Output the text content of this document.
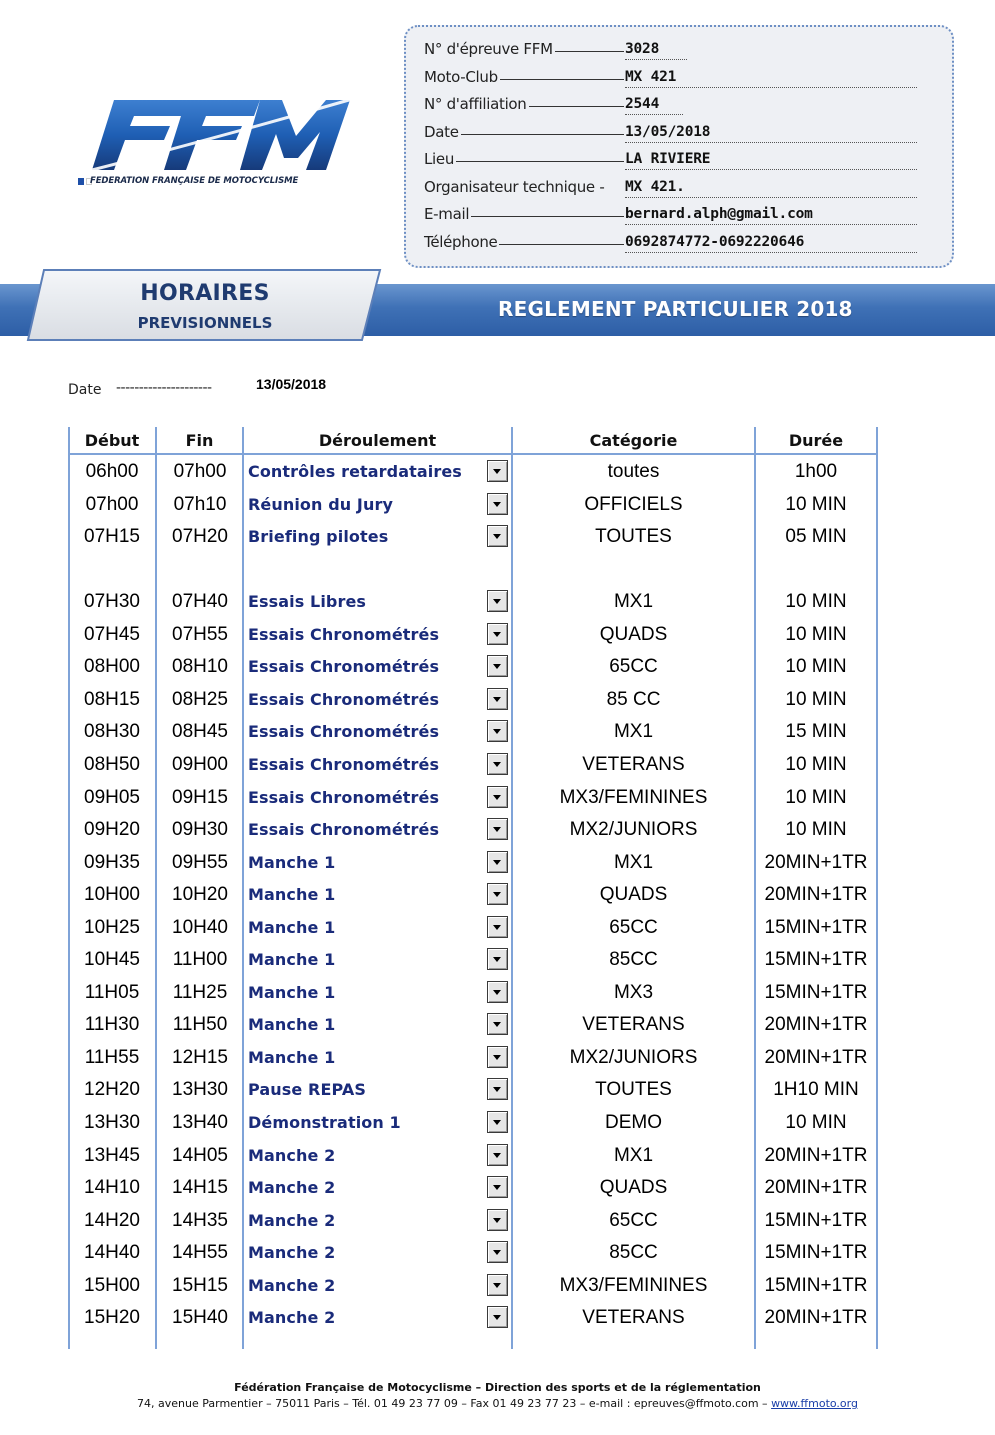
FEDERATION FRANÇAISE DE MOTOCYCLISME
N° d'épreuve FFM	3028
Moto-Club	MX 421
N° d'affiliation	2544
Date	13/05/2018
Lieu	LA RIVIERE
Organisateur technique - MX 421.
E-mail	bernard.alph@gmail.com
Téléphone	0692874772-0692220646
HORAIRES
PREVISIONNELS
REGLEMENT PARTICULIER 2018
Date ---------------------	13/05/2018
Début	Fin	Déroulement	Catégorie	Durée
06h00	07h00	Contrôles retardataires	toutes	1h00
07h00	07h10	Réunion du Jury	OFFICIELS	10 MIN
07H15	07H20	Briefing pilotes	TOUTES	05 MIN
07H30	07H40	Essais Libres	MX1	10 MIN
07H45	07H55	Essais Chronométrés	QUADS	10 MIN
08H00	08H10	Essais Chronométrés	65CC	10 MIN
08H15	08H25	Essais Chronométrés	85 CC	10 MIN
08H30	08H45	Essais Chronométrés	MX1	15 MIN
08H50	09H00	Essais Chronométrés	VETERANS	10 MIN
09H05	09H15	Essais Chronométrés	MX3/FEMININES	10 MIN
09H20	09H30	Essais Chronométrés	MX2/JUNIORS	10 MIN
09H35	09H55	Manche 1	MX1	20MIN+1TR
10H00	10H20	Manche 1	QUADS	20MIN+1TR
10H25	10H40	Manche 1	65CC	15MIN+1TR
10H45	11H00	Manche 1	85CC	15MIN+1TR
11H05	11H25	Manche 1	MX3	15MIN+1TR
11H30	11H50	Manche 1	VETERANS	20MIN+1TR
11H55	12H15	Manche 1	MX2/JUNIORS	20MIN+1TR
12H20	13H30	Pause REPAS	TOUTES	1H10 MIN
13H30	13H40	Démonstration 1	DEMO	10 MIN
13H45	14H05	Manche 2	MX1	20MIN+1TR
14H10	14H15	Manche 2	QUADS	20MIN+1TR
14H20	14H35	Manche 2	65CC	15MIN+1TR
14H40	14H55	Manche 2	85CC	15MIN+1TR
15H00	15H15	Manche 2	MX3/FEMININES	15MIN+1TR
15H20	15H40	Manche 2	VETERANS	20MIN+1TR
Fédération Française de Motocyclisme – Direction des sports et de la réglementation
74, avenue Parmentier – 75011 Paris – Tél. 01 49 23 77 09 – Fax 01 49 23 77 23 – e-mail : epreuves@ffmoto.com – www.ffmoto.org
